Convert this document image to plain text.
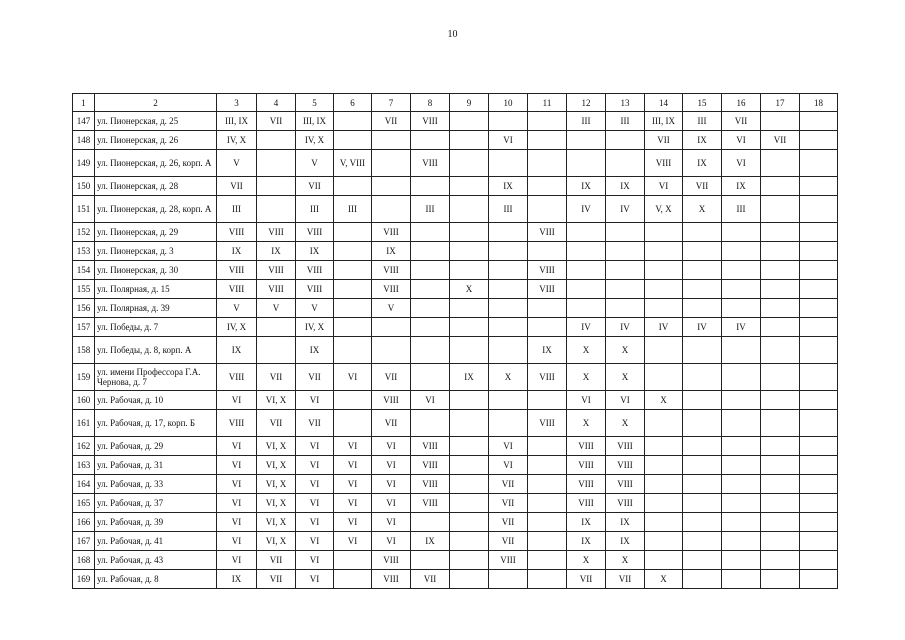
10
1	2	3	4	5	6	7	8	9	10	11	12	13	14	15	16	17	18
147	ул. Пионерская, д. 25	III, IX	VII	III, IX		VII	VIII				III	III	III, IX	III	VII		
148	ул. Пионерская, д. 26	IV, X		IV, X					VI				VII	IX	VI	VII	
149	ул. Пионерская, д. 26, корп. А	V		V	V, VIII		VIII						VIII	IX	VI		
150	ул. Пионерская, д. 28	VII		VII					IX		IX	IX	VI	VII	IX		
151	ул. Пионерская, д. 28, корп. А	III		III	III		III		III		IV	IV	V, X	X	III		
152	ул. Пионерская, д. 29	VIII	VIII	VIII		VIII				VIII							
153	ул. Пионерская, д. 3	IX	IX	IX		IX											
154	ул. Пионерская, д. 30	VIII	VIII	VIII		VIII				VIII							
155	ул. Полярная, д. 15	VIII	VIII	VIII		VIII		X		VIII							
156	ул. Полярная, д. 39	V	V	V		V											
157	ул. Победы, д. 7	IV, X		IV, X							IV	IV	IV	IV	IV		
158	ул. Победы, д. 8, корп. А	IX		IX						IX	X	X					
159	ул. имени Профессора Г.А. Чернова, д. 7	VIII	VII	VII	VI	VII		IX	X	VIII	X	X					
160	ул. Рабочая, д. 10	VI	VI, X	VI		VIII	VI				VI	VI	X				
161	ул. Рабочая, д. 17, корп. Б	VIII	VII	VII		VII				VIII	X	X					
162	ул. Рабочая, д. 29	VI	VI, X	VI	VI	VI	VIII		VI		VIII	VIII					
163	ул. Рабочая, д. 31	VI	VI, X	VI	VI	VI	VIII		VI		VIII	VIII					
164	ул. Рабочая, д. 33	VI	VI, X	VI	VI	VI	VIII		VII		VIII	VIII					
165	ул. Рабочая, д. 37	VI	VI, X	VI	VI	VI	VIII		VII		VIII	VIII					
166	ул. Рабочая, д. 39	VI	VI, X	VI	VI	VI			VII		IX	IX					
167	ул. Рабочая, д. 41	VI	VI, X	VI	VI	VI	IX		VII		IX	IX					
168	ул. Рабочая, д. 43	VI	VII	VI		VIII			VIII		X	X					
169	ул. Рабочая, д. 8	IX	VII	VI		VIII	VII				VII	VII	X				
